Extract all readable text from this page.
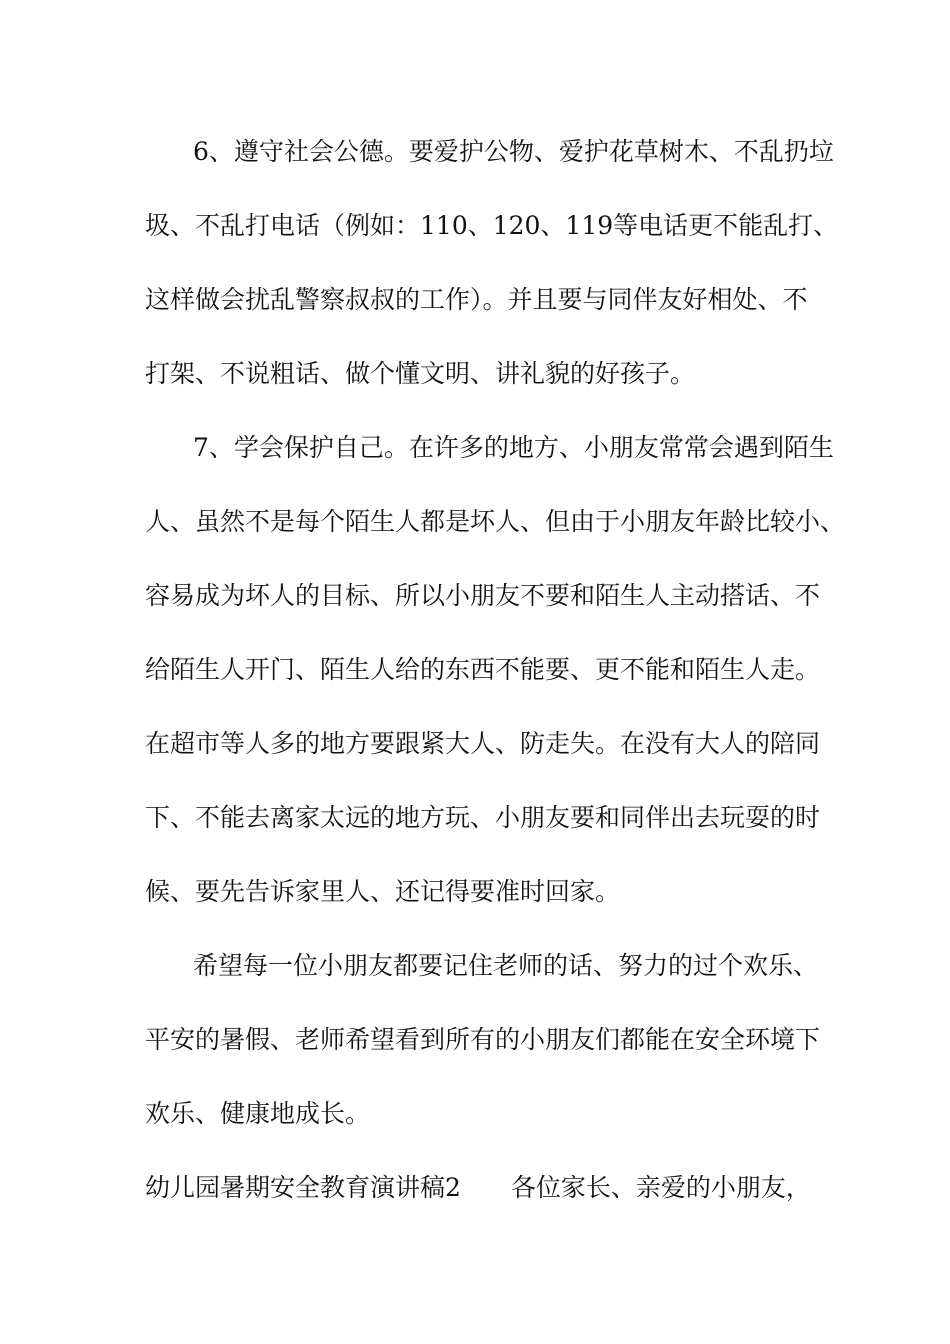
6、遵守社会公德。要爱护公物、爱护花草树木、不乱扔垃
圾、不乱打电话（例如：110、120、119等电话更不能乱打、
这样做会扰乱警察叔叔的工作）。并且要与同伴友好相处、不
打架、不说粗话、做个懂文明、讲礼貌的好孩子。
7、学会保护自己。在许多的地方、小朋友常常会遇到陌生
人、虽然不是每个陌生人都是坏人、但由于小朋友年龄比较小、
容易成为坏人的目标、所以小朋友不要和陌生人主动搭话、不
给陌生人开门、陌生人给的东西不能要、更不能和陌生人走。
在超市等人多的地方要跟紧大人、防走失。在没有大人的陪同
下、不能去离家太远的地方玩、小朋友要和同伴出去玩耍的时
候、要先告诉家里人、还记得要准时回家。
希望每一位小朋友都要记住老师的话、努力的过个欢乐、
平安的暑假、老师希望看到所有的小朋友们都能在安全环境下
欢乐、健康地成长。
幼儿园暑期安全教育演讲稿2 各位家长、亲爱的小朋友，
